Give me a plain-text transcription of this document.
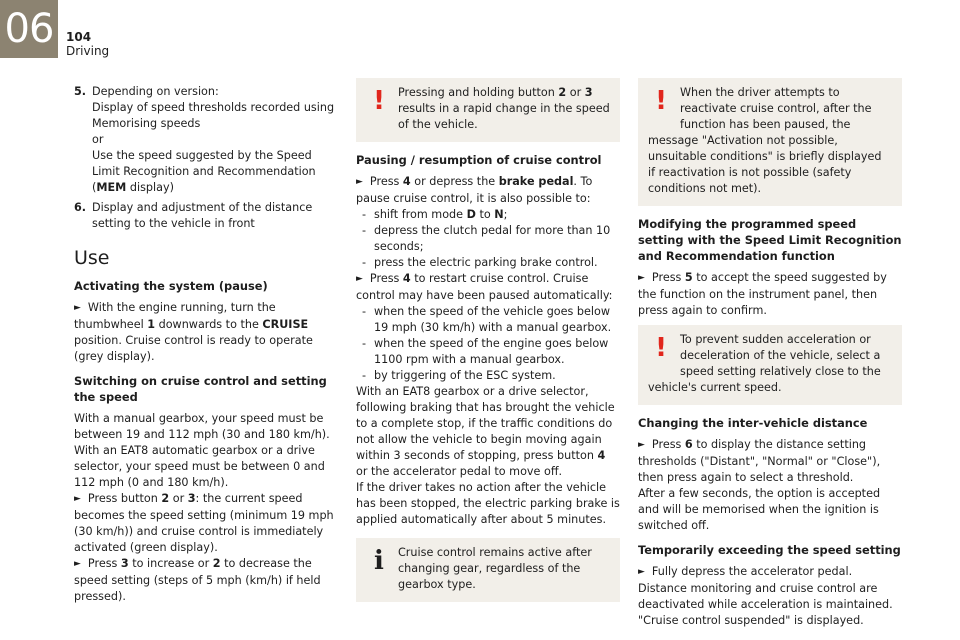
06	104
Driving
5. Depending on version:
Display of speed thresholds recorded using Memorising speeds
or
Use the speed suggested by the Speed Limit Recognition and Recommendation (MEM display)
6. Display and adjustment of the distance setting to the vehicle in front
Use
Activating the system (pause)

► With the engine running, turn the thumbwheel 1 downwards to the CRUISE position. Cruise control is ready to operate (grey display).

Switching on cruise control and setting the speed

With a manual gearbox, your speed must be between 19 and 112 mph (30 and 180 km/h).

With an EAT8 automatic gearbox or a drive selector, your speed must be between 0 and 112 mph (0 and 180 km/h).

► Press button 2 or 3: the current speed becomes the speed setting (minimum 19 mph (30 km/h)) and cruise control is immediately activated (green display).

► Press 3 to increase or 2 to decrease the speed setting (steps of 5 mph (km/h) if held pressed).

!	Pressing and holding button 2 or 3 results in a rapid change in the speed of the vehicle.
Pausing / resumption of cruise control

► Press 4 or depress the brake pedal. To pause cruise control, it is also possible to:

- shift from mode D to N;
- depress the clutch pedal for more than 10 seconds;
- press the electric parking brake control.

► Press 4 to restart cruise control. Cruise control may have been paused automatically:

- when the speed of the vehicle goes below 19 mph (30 km/h) with a manual gearbox.
- when the speed of the engine goes below 1100 rpm with a manual gearbox.
- by triggering of the ESC system.

With an EAT8 gearbox or a drive selector, following braking that has brought the vehicle to a complete stop, if the traffic conditions do not allow the vehicle to begin moving again within 3 seconds of stopping, press button 4 or the accelerator pedal to move off.

If the driver takes no action after the vehicle has been stopped, the electric parking brake is applied automatically after about 5 minutes.

i	Cruise control remains active after changing gear, regardless of the gearbox type.
!	When the driver attempts to reactivate cruise control, after the function has been paused, the message "Activation not possible, unsuitable conditions" is briefly displayed if reactivation is not possible (safety conditions not met).
Modifying the programmed speed setting with the Speed Limit Recognition and Recommendation function

► Press 5 to accept the speed suggested by the function on the instrument panel, then press again to confirm.

!	To prevent sudden acceleration or deceleration of the vehicle, select a speed setting relatively close to the vehicle's current speed.
Changing the inter-vehicle distance

► Press 6 to display the distance setting thresholds ("Distant", "Normal" or "Close"), then press again to select a threshold.

After a few seconds, the option is accepted and will be memorised when the ignition is switched off.

Temporarily exceeding the speed setting

► Fully depress the accelerator pedal. Distance monitoring and cruise control are deactivated while acceleration is maintained. "Cruise control suspended" is displayed.
